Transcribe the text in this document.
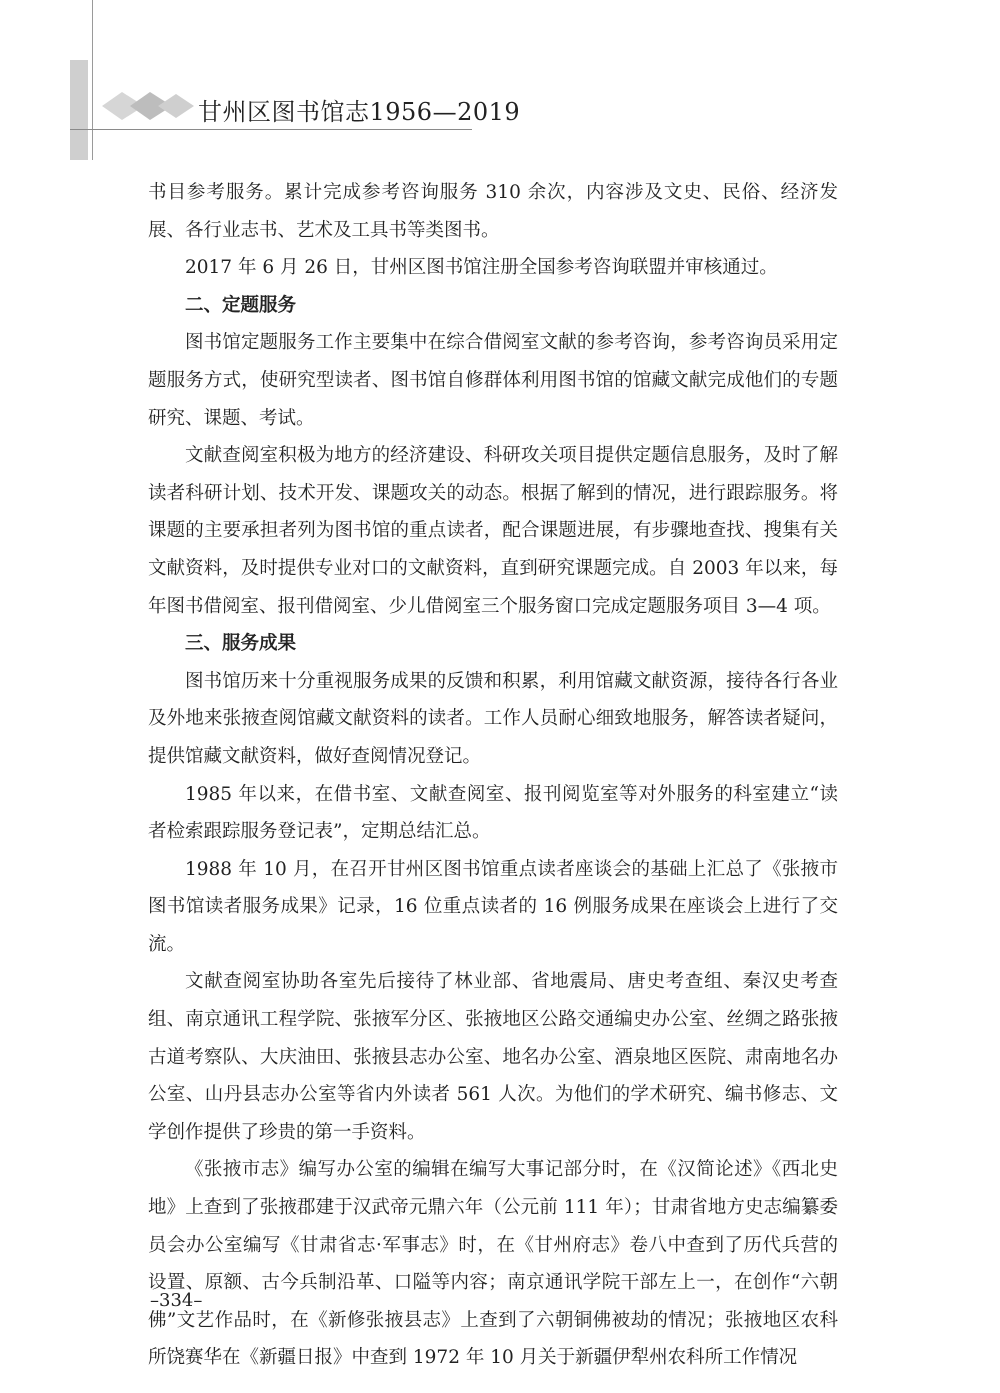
甘州区图书馆志1956—2019

书目参考服务。累计完成参考咨询服务 310 余次，内容涉及文史、民俗、经济发展、各行业志书、艺术及工具书等类图书。

2017 年 6 月 26 日，甘州区图书馆注册全国参考咨询联盟并审核通过。

二、定题服务

图书馆定题服务工作主要集中在综合借阅室文献的参考咨询，参考咨询员采用定题服务方式，使研究型读者、图书馆自修群体利用图书馆的馆藏文献完成他们的专题研究、课题、考试。

文献查阅室积极为地方的经济建设、科研攻关项目提供定题信息服务，及时了解读者科研计划、技术开发、课题攻关的动态。根据了解到的情况，进行跟踪服务。将课题的主要承担者列为图书馆的重点读者，配合课题进展，有步骤地查找、搜集有关文献资料，及时提供专业对口的文献资料，直到研究课题完成。自 2003 年以来，每年图书借阅室、报刊借阅室、少儿借阅室三个服务窗口完成定题服务项目 3—4 项。

三、服务成果

图书馆历来十分重视服务成果的反馈和积累，利用馆藏文献资源，接待各行各业及外地来张掖查阅馆藏文献资料的读者。工作人员耐心细致地服务，解答读者疑问，提供馆藏文献资料，做好查阅情况登记。

1985 年以来，在借书室、文献查阅室、报刊阅览室等对外服务的科室建立“读者检索跟踪服务登记表”，定期总结汇总。

1988 年 10 月，在召开甘州区图书馆重点读者座谈会的基础上汇总了《张掖市图书馆读者服务成果》记录，16 位重点读者的 16 例服务成果在座谈会上进行了交流。

文献查阅室协助各室先后接待了林业部、省地震局、唐史考查组、秦汉史考查组、南京通讯工程学院、张掖军分区、张掖地区公路交通编史办公室、丝绸之路张掖古道考察队、大庆油田、张掖县志办公室、地名办公室、酒泉地区医院、肃南地名办公室、山丹县志办公室等省内外读者 561 人次。为他们的学术研究、编书修志、文学创作提供了珍贵的第一手资料。

《张掖市志》编写办公室的编辑在编写大事记部分时，在《汉简论述》《西北史地》上查到了张掖郡建于汉武帝元鼎六年（公元前 111 年）；甘肃省地方史志编纂委员会办公室编写《甘肃省志·军事志》时，在《甘州府志》卷八中查到了历代兵营的设置、原额、古今兵制沿革、口隘等内容；南京通讯学院干部左上一，在创作“六朝佛”文艺作品时，在《新修张掖县志》上查到了六朝铜佛被劫的情况；张掖地区农科所饶赛华在《新疆日报》中查到 1972 年 10 月关于新疆伊犁州农科所工作情况

–334–
